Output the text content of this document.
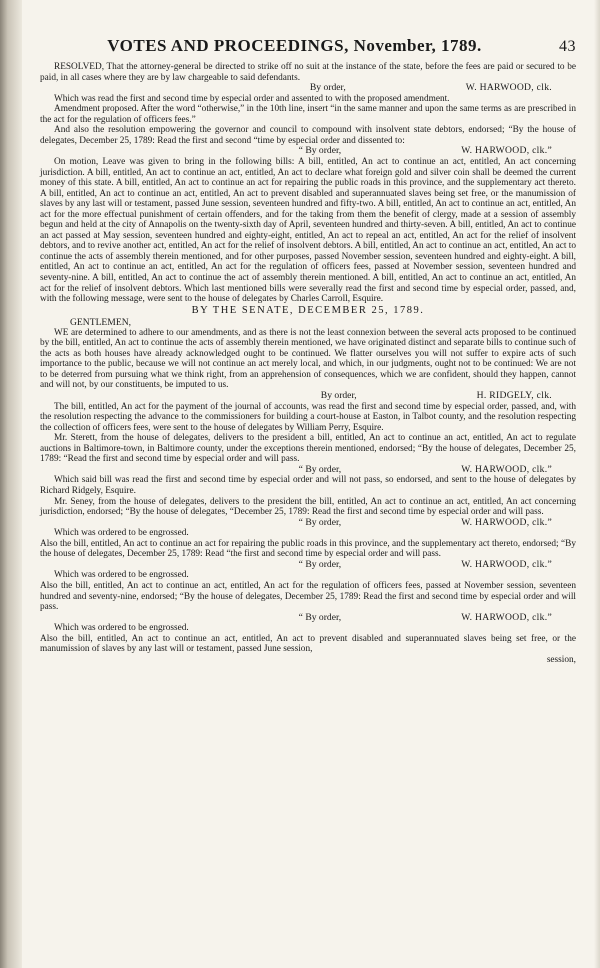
VOTES AND PROCEEDINGS, November, 1789.	43

RESOLVED, That the attorney-general be directed to strike off no suit at the instance of the state, before the fees are paid or secured to be paid, in all cases where they are by law chargeable to said defendants.

By order,	W. HARWOOD, clk.

Which was read the first and second time by especial order and assented to with the proposed amendment.

Amendment proposed. After the word “otherwise,” in the 10th line, insert “in the same manner and upon the same terms as are prescribed in the act for the regulation of officers fees.”

And also the resolution empowering the governor and council to compound with insolvent state debtors, endorsed; “By the house of delegates, December 25, 1789: Read the first and second “time by especial order and dissented to:

“ By order,	W. HARWOOD, clk.”

On motion, Leave was given to bring in the following bills: A bill, entitled, An act to continue an act, entitled, An act concerning jurisdiction. A bill, entitled, An act to continue an act, entitled, An act to declare what foreign gold and silver coin shall be deemed the current money of this state. A bill, entitled, An act to continue an act for repairing the public roads in this province, and the supplementary act thereto. A bill, entitled, An act to continue an act, entitled, An act to prevent disabled and superannuated slaves being set free, or the manumission of slaves by any last will or testament, passed June session, seventeen hundred and fifty-two. A bill, entitled, An act to continue an act, entitled, An act for the more effectual punishment of certain offenders, and for the taking from them the benefit of clergy, made at a session of assembly begun and held at the city of Annapolis on the twenty-sixth day of April, seventeen hundred and thirty-seven. A bill, entitled, An act to continue an act passed at May session, seventeen hundred and eighty-eight, entitled, An act to repeal an act, entitled, An act for the relief of insolvent debtors, and to revive another act, entitled, An act for the relief of insolvent debtors. A bill, entitled, An act to continue an act, entitled, An act to continue the acts of assembly therein mentioned, and for other purposes, passed November session, seventeen hundred and eighty-eight. A bill, entitled, An act to continue an act, entitled, An act for the regulation of officers fees, passed at November session, seventeen hundred and seventy-nine. A bill, entitled, An act to continue the act of assembly therein mentioned. A bill, entitled, An act to continue an act, entitled, An act for the relief of insolvent debtors. Which last mentioned bills were severally read the first and second time by especial order, passed, and, with the following message, were sent to the house of delegates by Charles Carroll, Esquire.

BY THE SENATE, DECEMBER 25, 1789.
GENTLEMEN,

WE are determined to adhere to our amendments, and as there is not the least connexion between the several acts proposed to be continued by the bill, entitled, An act to continue the acts of assembly therein mentioned, we have originated distinct and separate bills to continue such of the acts as both houses have already acknowledged ought to be continued. We flatter ourselves you will not suffer to expire acts of such importance to the public, because we will not continue an act merely local, and which, in our judgments, ought not to be continued: We are not to be deterred from pursuing what we think right, from an apprehension of consequences, which we are confident, should they happen, cannot and will not, by our constituents, be imputed to us.

By order,	H. RIDGELY, clk.

The bill, entitled, An act for the payment of the journal of accounts, was read the first and second time by especial order, passed, and, with the resolution respecting the advance to the commissioners for building a court-house at Easton, in Talbot county, and the resolution respecting the collection of officers fees, were sent to the house of delegates by William Perry, Esquire.

Mr. Sterett, from the house of delegates, delivers to the president a bill, entitled, An act to continue an act, entitled, An act to regulate auctions in Baltimore-town, in Baltimore county, under the exceptions therein mentioned, endorsed; “By the house of delegates, December 25, 1789: “Read the first and second time by especial order and will pass.

“ By order,	W. HARWOOD, clk.”

Which said bill was read the first and second time by especial order and will not pass, so endorsed, and sent to the house of delegates by Richard Ridgely, Esquire.

Mr. Seney, from the house of delegates, delivers to the president the bill, entitled, An act to continue an act, entitled, An act concerning jurisdiction, endorsed; “By the house of delegates, “December 25, 1789: Read the first and second time by especial order and will pass.

“ By order,	W. HARWOOD, clk.”

Which was ordered to be engrossed.

Also the bill, entitled, An act to continue an act for repairing the public roads in this province, and the supplementary act thereto, endorsed; “By the house of delegates, December 25, 1789: Read “the first and second time by especial order and will pass.

“ By order,	W. HARWOOD, clk.”

Which was ordered to be engrossed.

Also the bill, entitled, An act to continue an act, entitled, An act for the regulation of officers fees, passed at November session, seventeen hundred and seventy-nine, endorsed; “By the house of delegates, December 25, 1789: Read the first and second time by especial order and will pass.

“ By order,	W. HARWOOD, clk.”

Which was ordered to be engrossed.

Also the bill, entitled, An act to continue an act, entitled, An act to prevent disabled and superannuated slaves being set free, or the manumission of slaves by any last will or testament, passed June session,

session,
